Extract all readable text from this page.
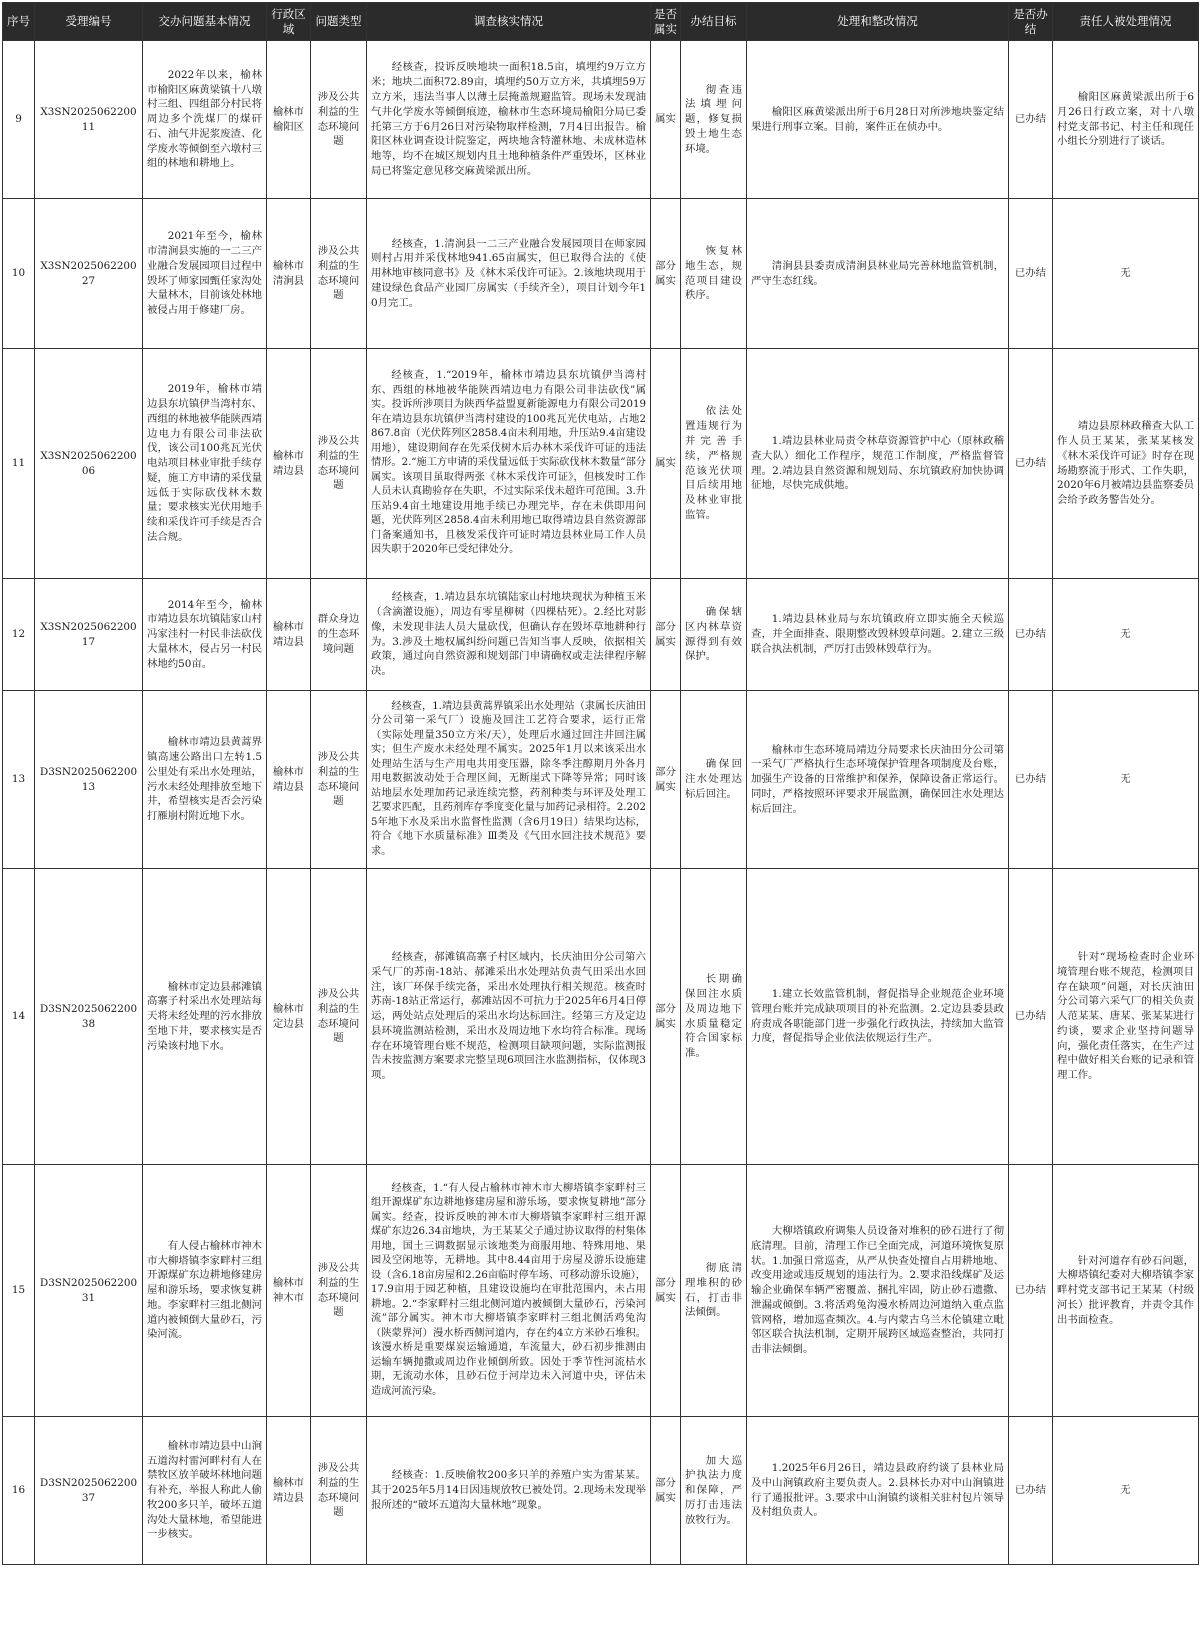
序号	受理编号	交办问题基本情况	行政区域	问题类型	调查核实情况	是否属实	办结目标	处理和整改情况	是否办结	责任人被处理情况
9	X3SN202506220011	2022年以来，榆林市榆阳区麻黄梁镇十八墩村三组、四组部分村民将周边多个洗煤厂的煤矸石、油气井泥浆废渣、化学废水等倾倒至六墩村三组的林地和耕地上。	榆林市榆阳区	涉及公共利益的生态环境问题	经核查，投诉反映地块一面积18.5亩，填埋约9万立方米；地块二面积72.89亩，填埋约50万立方米，共填埋59万立方米，违法当事人以薄土层掩盖规避监管。现场未发现油气井化学废水等倾倒痕迹，榆林市生态环境局榆阳分局已委托第三方于6月26日对污染物取样检测，7月4日出报告。榆阳区林业调查设计院鉴定，两块地含特灌林地、未成林造林地等，均不在城区规划内且土地种植条件严重毁坏，区林业局已将鉴定意见移交麻黄梁派出所。	属实	彻查违法填埋问题，修复损毁土地生态环境。	榆阳区麻黄梁派出所于6月28日对所涉地块鉴定结果进行刑事立案。目前，案件正在侦办中。	已办结	榆阳区麻黄梁派出所于6月26日行政立案，对十八墩村党支部书记、村主任和现任小组长分别进行了谈话。
10	X3SN202506220027	2021年至今，榆林市清涧县实施的一二三产业融合发展园项目过程中毁坏了师家园甄任家沟处大量林木，目前该处林地被侵占用于修建厂房。	榆林市清涧县	涉及公共利益的生态环境问题	经核查，1.清涧县一二三产业融合发展园项目在师家园则村占用并采伐林地941.65亩属实，但已取得合法的《使用林地审核同意书》及《林木采伐许可证》。2.该地块现用于建设绿色食品产业园厂房属实（手续齐全），项目计划今年10月完工。	部分属实	恢复林地生态，规范项目建设秩序。	清涧县县委责成清涧县林业局完善林地监管机制，严守生态红线。	已办结	无
11	X3SN202506220006	2019年，榆林市靖边县东坑镇伊当湾村东、西组的林地被华能陕西靖边电力有限公司非法砍伐，该公司100兆瓦光伏电站项目林业审批手续存疑，施工方申请的采伐量远低于实际砍伐林木数量；要求核实光伏用地手续和采伐许可手续是否合法合规。	榆林市靖边县	涉及公共利益的生态环境问题	经核查，1.“2019年，榆林市靖边县东坑镇伊当湾村东、西组的林地被华能陕西靖边电力有限公司非法砍伐”属实。投诉所涉项目为陕西华益盟夏新能源电力有限公司2019年在靖边县东坑镇伊当湾村建设的100兆瓦光伏电站，占地2867.8亩（光伏阵列区2858.4亩未利用地，升压站9.4亩建设用地），建设期间存在先采伐树木后办林木采伐许可证的违法情形。2.“施工方申请的采伐量远低于实际砍伐林木数量”部分属实。该项目虽取得两张《林木采伐许可证》，但核发时工作人员未认真勘验存在失职，不过实际采伐未超许可范围。3.升压站9.4亩土地建设用地手续已办理完毕，存在未供即用问题，光伏阵列区2858.4亩未利用地已取得靖边县自然资源部门备案通知书，且核发采伐许可证时靖边县林业局工作人员因失职于2020年已受纪律处分。	属实	依法处置违规行为并完善手续，严格规范该光伏项目后续用地及林业审批监管。	1.靖边县林业局责令林草资源管护中心（原林政稽查大队）细化工作程序，规范工作制度，严格监督管理。2.靖边县自然资源和规划局、东坑镇政府加快协调征地，尽快完成供地。	已办结	靖边县原林政稽查大队工作人员王某某，张某某核发《林木采伐许可证》时存在现场勘察流于形式、工作失职，2020年6月被靖边县监察委员会给予政务警告处分。
12	X3SN202506220017	2014年至今，榆林市靖边县东坑镇陆家山村冯家洼村一村民非法砍伐大量林木，侵占另一村民林地约50亩。	榆林市靖边县	群众身边的生态环境问题	经核查，1.靖边县东坑镇陆家山村地块现状为种植玉米（含滴灌设施），周边有零星柳树（四棵枯死）。2.经比对影像，未发现非法人员大量砍伐，但确认存在毁坏草地耕种行为。3.涉及土地权属纠纷问题已告知当事人反映，依据相关政策，通过向自然资源和规划部门申请确权或走法律程序解决。	部分属实	确保辖区内林草资源得到有效保护。	1.靖边县林业局与东坑镇政府立即实施全天候巡查，并全面排查、限期整改毁林毁草问题。2.建立三级联合执法机制，严厉打击毁林毁草行为。	已办结	无
13	D3SN202506220013	榆林市靖边县黄蒿界镇高速公路出口左转1.5公里处有采出水处理站，污水未经处理排放至地下井，希望核实是否会污染打雁崩村附近地下水。	榆林市靖边县	涉及公共利益的生态环境问题	经核查，1.靖边县黄蒿界镇采出水处理站（隶属长庆油田分公司第一采气厂）设施及回注工艺符合要求，运行正常（实际处理量350立方米/天），处理后水通过回注井回注属实；但生产废水未经处理不属实。2025年1月以来该采出水处理站生活与生产用电共用变压器，除冬季注醇期月外各月用电数据波动处于合理区间，无断崖式下降等异常；同时该站地层水处理加药记录连续完整，药剂种类与环评及处理工艺要求匹配，且药剂库存季度变化量与加药记录相符。2.2025年地下水及采出水监督性监测（含6月19日）结果均达标，符合《地下水质量标准》Ⅲ类及《气田水回注技术规范》要求。	部分属实	确保回注水处理达标后回注。	榆林市生态环境局靖边分局要求长庆油田分公司第一采气厂严格执行生态环境保护管理各项制度及台账，加强生产设备的日常维护和保养，保障设备正常运行。同时，严格按照环评要求开展监测，确保回注水处理达标后回注。	已办结	无
14	D3SN202506220038	榆林市定边县郝滩镇高寨子村采出水处理站每天将未经处理的污水排放至地下井，要求核实是否污染该村地下水。	榆林市定边县	涉及公共利益的生态环境问题	经核查，郝滩镇高寨子村区域内，长庆油田分公司第六采气厂的苏南-18站、郝滩采出水处理站负责气田采出水回注，该厂环保手续完备，采出水处理执行相关规范。核查时苏南-18站正常运行，郝滩站因不可抗力于2025年6月4日停运，两处站点处理后的采出水均达标回注。经第三方及定边县环境监测站检测，采出水及周边地下水均符合标准。现场存在环境管理台账不规范，检测项目缺项问题，实际监测报告未按监测方案要求完整呈现6项回注水监测指标，仅体现3项。	部分属实	长期确保回注水质及周边地下水质量稳定符合国家标准。	1.建立长效监管机制，督促指导企业规范企业环境管理台账并完成缺项项目的补充监测。2.定边县委县政府责成各职能部门进一步强化行政执法，持续加大监管力度，督促指导企业依法依规运行生产。	已办结	针对“现场检查时企业环境管理台账不规范，检测项目存在缺项”问题，对长庆油田分公司第六采气厂的相关负责人范某某、唐某、张某某进行约谈，要求企业坚持问题导向，强化责任落实，在生产过程中做好相关台账的记录和管理工作。
15	D3SN202506220031	有人侵占榆林市神木市大柳塔镇李家畔村三组开源煤矿东边耕地修建房屋和游乐场，要求恢复耕地。李家畔村三组北侧河道内被倾倒大量砂石，污染河流。	榆林市神木市	涉及公共利益的生态环境问题	经核查，1.“有人侵占榆林市神木市大柳塔镇李家畔村三组开源煤矿东边耕地修建房屋和游乐场，要求恢复耕地”部分属实。经查，投诉反映的神木市大柳塔镇李家畔村三组开源煤矿东边26.34亩地块，为王某某父子通过协议取得的村集体用地，国土三调数据显示该地类为商服用地、特殊用地、果园及空闲地等，无耕地。其中8.44亩用于房屋及游乐设施建设（含6.18亩房屋和2.26亩临时停车场、可移动游乐设施），17.9亩用于园艺种植，且建设设施均在审批范围内，未占用耕地。2.“李家畔村三组北侧河道内被倾倒大量砂石，污染河流”部分属实。神木市大柳塔镇李家畔村三组北侧活鸡兔沟（陕蒙界河）漫水桥西侧河道内，存在约4立方米砂石堆积。该漫水桥是重要煤炭运输通道，车流量大，砂石初步推测由运输车辆抛撒或周边作业倾倒所致。因处于季节性河流枯水期，无流动水体，且砂石位于河岸边未入河道中央，评估未造成河流污染。	部分属实	彻底清理堆积的砂石，打击非法倾倒。	大柳塔镇政府调集人员设备对堆积的砂石进行了彻底清理。目前，清理工作已全面完成，河道环境恢复原状。1.加强日常巡查，从严从快查处擅自占用耕地地、改变用途或违反规划的违法行为。2.要求沿线煤矿及运输企业确保车辆严密覆盖、捆扎牢固，防止砂石遗撒、泄漏或倾倒。3.将活鸡兔沟漫水桥周边河道纳入重点监管网格，增加巡查频次。4.与内蒙古乌兰木伦镇建立毗邻区联合执法机制，定期开展跨区域巡查整治，共同打击非法倾倒。	已办结	针对河道存有砂石问题，大柳塔镇纪委对大柳塔镇李家畔村党支部书记王某某（村级河长）批评教育，并责令其作出书面检查。
16	D3SN202506220037	榆林市靖边县中山涧五道沟村雷河畔村有人在禁牧区放羊破坏林地问题有补充，举报人称此人偷牧200多只羊，破坏五道沟处大量林地，希望能进一步核实。	榆林市靖边县	涉及公共利益的生态环境问题	经核查：1.反映偷牧200多只羊的养殖户实为雷某某。其于2025年5月14日因违规放牧已被处罚。2.现场未发现举报所述的“破坏五道沟大量林地”现象。	部分属实	加大巡护执法力度和保障，严厉打击违法放牧行为。	1.2025年6月26日，靖边县政府约谈了县林业局及中山涧镇政府主要负责人。2.县林长办对中山涧镇进行了通报批评。3.要求中山涧镇约谈相关驻村包片领导及村组负责人。	已办结	无
